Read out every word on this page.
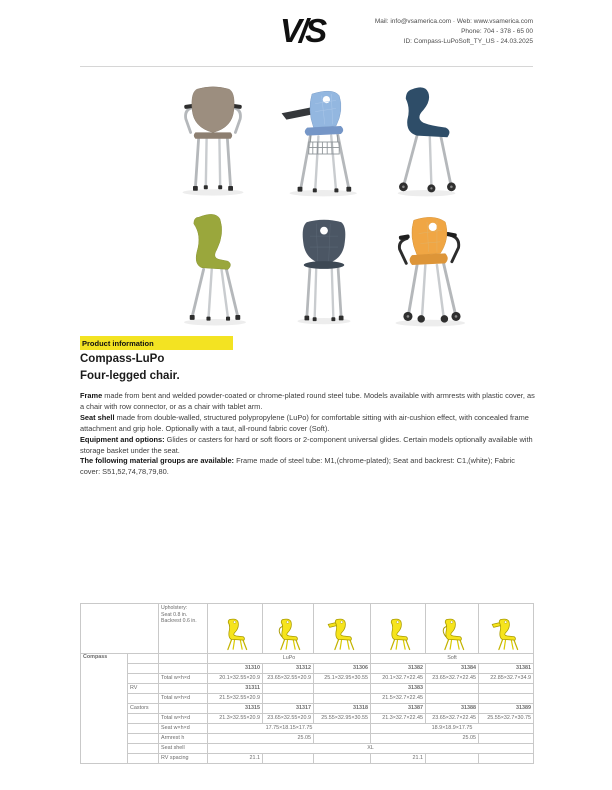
V/S	Mail: info@vsamerica.com · Web: www.vsamerica.com
Phone: 704 - 378 - 65 00
ID: Compass-LuPoSoft_TY_US - 24.03.2025
Product information
Compass-LuPo
Four-legged chair.

Frame made from bent and welded powder-coated or chrome-plated round steel tube. Models available with armrests with plastic cover, as a chair with row connector, or as a chair with tablet arm.

Seat shell made from double-walled, structured polypropylene (LuPo) for comfortable sitting with air-cushion effect, with concealed frame attachment and grip hole. Optionally with a taut, all-round fabric cover (Soft).

Equipment and options: Glides or casters for hard or soft floors or 2-component universal glides. Certain models optionally available with storage basket under the seat.

The following material groups are available: Frame made of steel tube: M1,(chrome-plated); Seat and backrest: C1,(white); Fabric cover: S51,52,74,78,79,80.

		Upholstery:
Seat 0.8 in.
Backrest 0.6 in.

Compass			LuPo			Soft		
			31310	31312	31306	31382	31384	31381
		Total w×h×d	20.1×32.55×20.9	23.65×32.55×20.9	25.1×32.95×30.55	20.1×32.7×22.45	23.65×32.7×22.45	22.85×32.7×34.9
	RV		31311			31383		
		Total w×h×d	21.5×32.55×20.9			21.5×32.7×22.45		
	Castors		31315	31317	31318	31387	31388	31389
		Total w×h×d	21.3×32.55×20.9	23.65×32.55×20.9	25.55×32.95×30.55	21.3×32.7×22.45	23.65×32.7×22.45	25.55×32.7×30.75
		Seat w×h×d	17.75×18.15×17.75			18.9×18.9×17.75		
		Armrest h	25.05			25.05		
		Seat shell	XL					
		RV spacing	21.1			21.1		
